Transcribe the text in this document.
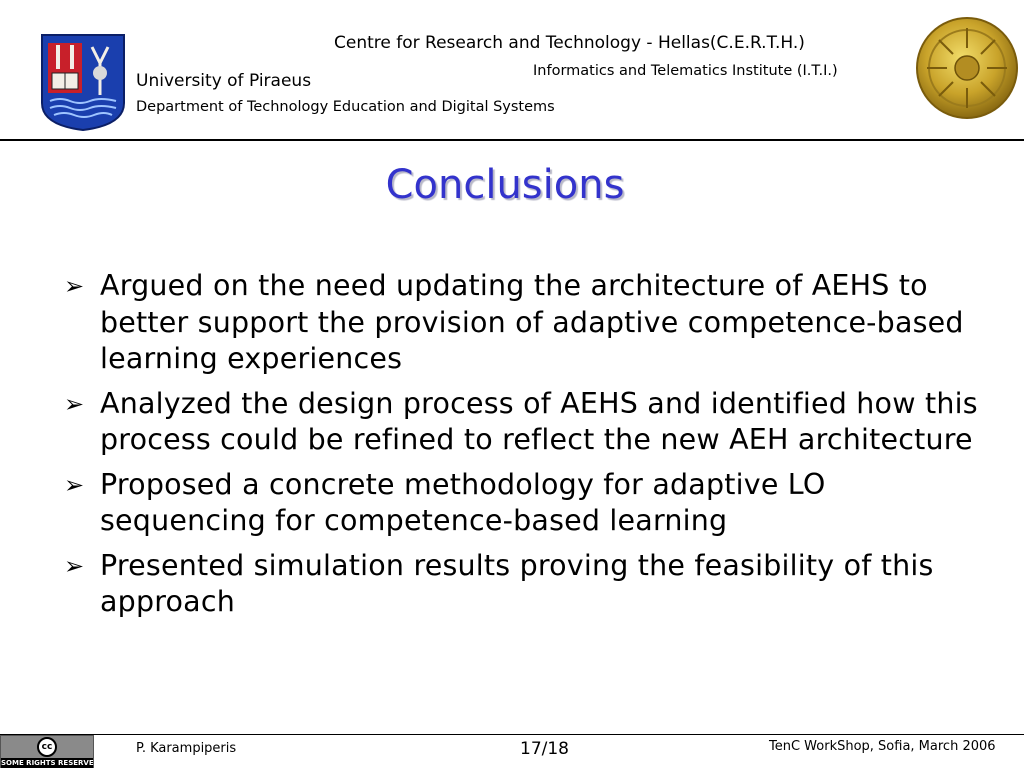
Centre for Research and Technology - Hellas(C.E.R.T.H.)
Informatics and Telematics Institute (I.T.I.)
University of Piraeus
Department of Technology Education and Digital Systems
Conclusions
➢ Argued on the need updating the architecture of AEHS to better support the provision of adaptive competence-based learning experiences
➢ Analyzed the design process of AEHS and identified how this process could be refined to reflect the new AEH architecture
➢ Proposed a concrete methodology for adaptive LO sequencing for competence-based learning
➢ Presented simulation results proving the feasibility of this approach
cc
SOME RIGHTS RESERVED
P. Karampiperis	17/18	TenC WorkShop, Sofia, March 2006
